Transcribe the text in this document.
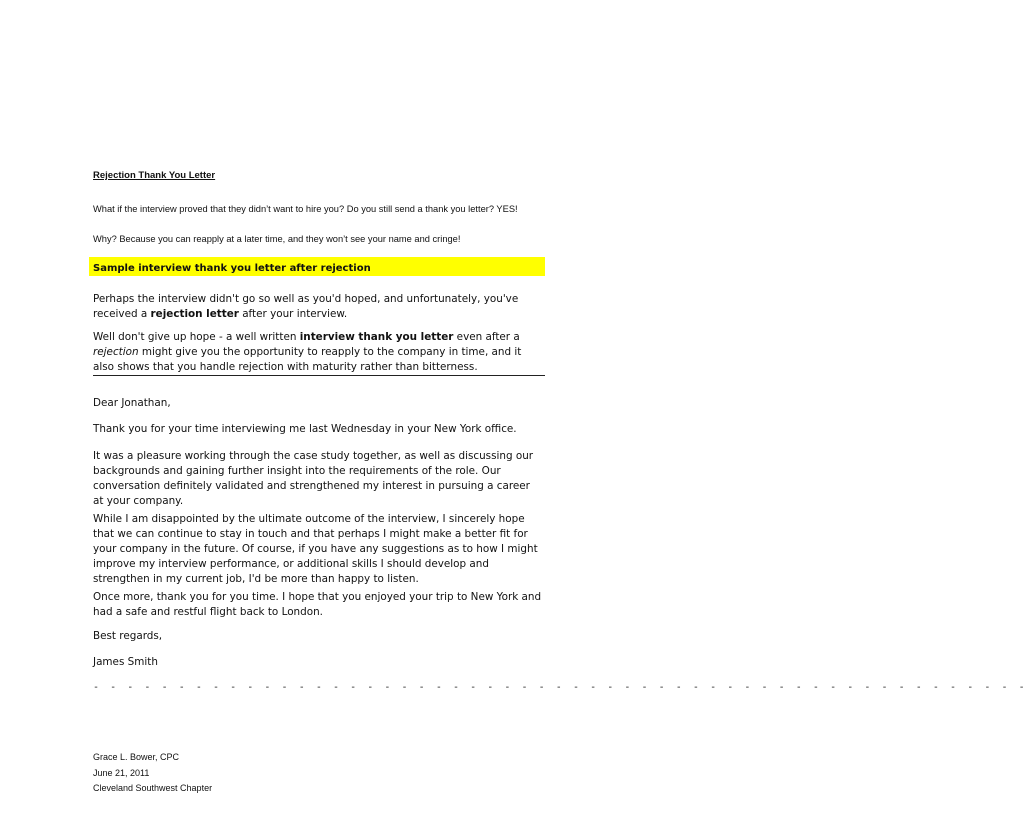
Rejection Thank You Letter
What if the interview proved that they didn’t want to hire you? Do you still send a thank you letter? YES!
Why? Because you can reapply at a later time, and they won’t see your name and cringe!
Sample interview thank you letter after rejection

Perhaps the interview didn't go so well as you'd hoped, and unfortunately, you've received a rejection letter after your interview.

Well don't give up hope - a well written interview thank you letter even after a rejection might give you the opportunity to reapply to the company in time, and it also shows that you handle rejection with maturity rather than bitterness.

Dear Jonathan,
Thank you for your time interviewing me last Wednesday in your New York office.
It was a pleasure working through the case study together, as well as discussing our backgrounds and gaining further insight into the requirements of the role. Our conversation definitely validated and strengthened my interest in pursuing a career at your company.
While I am disappointed by the ultimate outcome of the interview, I sincerely hope that we can continue to stay in touch and that perhaps I might make a better fit for your company in the future. Of course, if you have any suggestions as to how I might improve my interview performance, or additional skills I should develop and strengthen in my current job, I'd be more than happy to listen.
Once more, thank you for you time. I hope that you enjoyed your trip to New York and had a safe and restful flight back to London.
Best regards,
James Smith
- - - - - - - - - - - - - - - - - - - - - - - - - - - - - - - - - - - - - - - - - - - - - - - - - - - - - - -
Grace L. Bower, CPC
June 21, 2011
Cleveland Southwest Chapter
